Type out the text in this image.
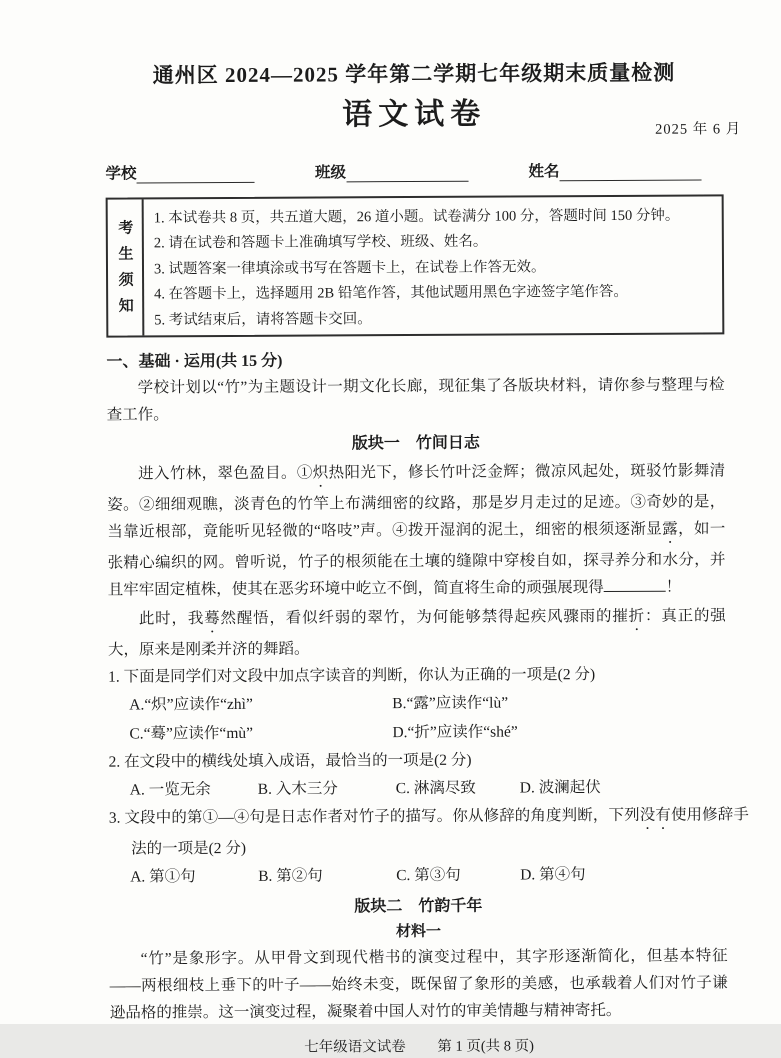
通州区 2024—2025 学年第二学期七年级期末质量检测
语文试卷	2025 年 6 月
学校	班级	姓名
考生须知
1. 本试卷共 8 页，共五道大题，26 道小题。试卷满分 100 分，答题时间 150 分钟。
2. 请在试卷和答题卡上准确填写学校、班级、姓名。
3. 试题答案一律填涂或书写在答题卡上，在试卷上作答无效。
4. 在答题卡上，选择题用 2B 铅笔作答，其他试题用黑色字迹签字笔作答。
5. 考试结束后，请将答题卡交回。
一、基础 · 运用(共 15 分)

学校计划以“竹”为主题设计一期文化长廊，现征集了各版块材料，请你参与整理与检查工作。

版块一　竹间日志

进入竹林，翠色盈目。①炽热阳光下，修长竹叶泛金辉；微凉风起处，斑驳竹影舞清姿。②细细观瞧，淡青色的竹竿上布满细密的纹路，那是岁月走过的足迹。③奇妙的是，当靠近根部，竟能听见轻微的“咯吱”声。④拨开湿润的泥土，细密的根须逐渐显露，如一张精心编织的网。曾听说，竹子的根须能在土壤的缝隙中穿梭自如，探寻养分和水分，并且牢牢固定植株，使其在恶劣环境中屹立不倒，简直将生命的顽强展现得	！

此时，我蓦然醒悟，看似纤弱的翠竹，为何能够禁得起疾风骤雨的摧折：真正的强大，原来是刚柔并济的舞蹈。

1. 下面是同学们对文段中加点字读音的判断，你认为正确的一项是(2 分)

A.“炽”应读作“zhì”	B.“露”应读作“lù”
C.“蓦”应读作“mù”	D.“折”应读作“shé”

2. 在文段中的横线处填入成语，最恰当的一项是(2 分)

A. 一览无余	B. 入木三分	C. 淋漓尽致	D. 波澜起伏

3. 文段中的第①—④句是日志作者对竹子的描写。你从修辞的角度判断，下列没有使用修辞手法的一项是(2 分)

A. 第①句	B. 第②句	C. 第③句	D. 第④句
版块二　竹韵千年
材料一

“竹”是象形字。从甲骨文到现代楷书的演变过程中，其字形逐渐简化，但基本特征——两根细枝上垂下的叶子——始终未变，既保留了象形的美感，也承载着人们对竹子谦逊品格的推崇。这一演变过程，凝聚着中国人对竹的审美情趣与精神寄托。

七年级语文试卷 第 1 页(共 8 页)
